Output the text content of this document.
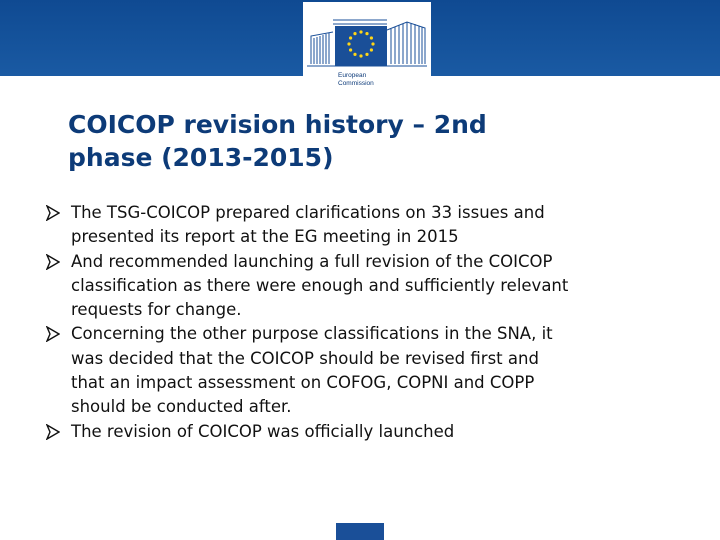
European
Commission
COICOP revision history – 2nd
phase (2013-2015)
The TSG-COICOP prepared clarifications on 33 issues and
presented its report at the EG meeting in 2015
And recommended launching a full revision of the COICOP
classification as there were enough and sufficiently relevant
requests for change.
Concerning the other purpose classifications in the SNA, it
was decided that the COICOP should be revised first and
that an impact assessment on COFOG, COPNI and COPP
should be conducted after.
The revision of COICOP was officially launched
